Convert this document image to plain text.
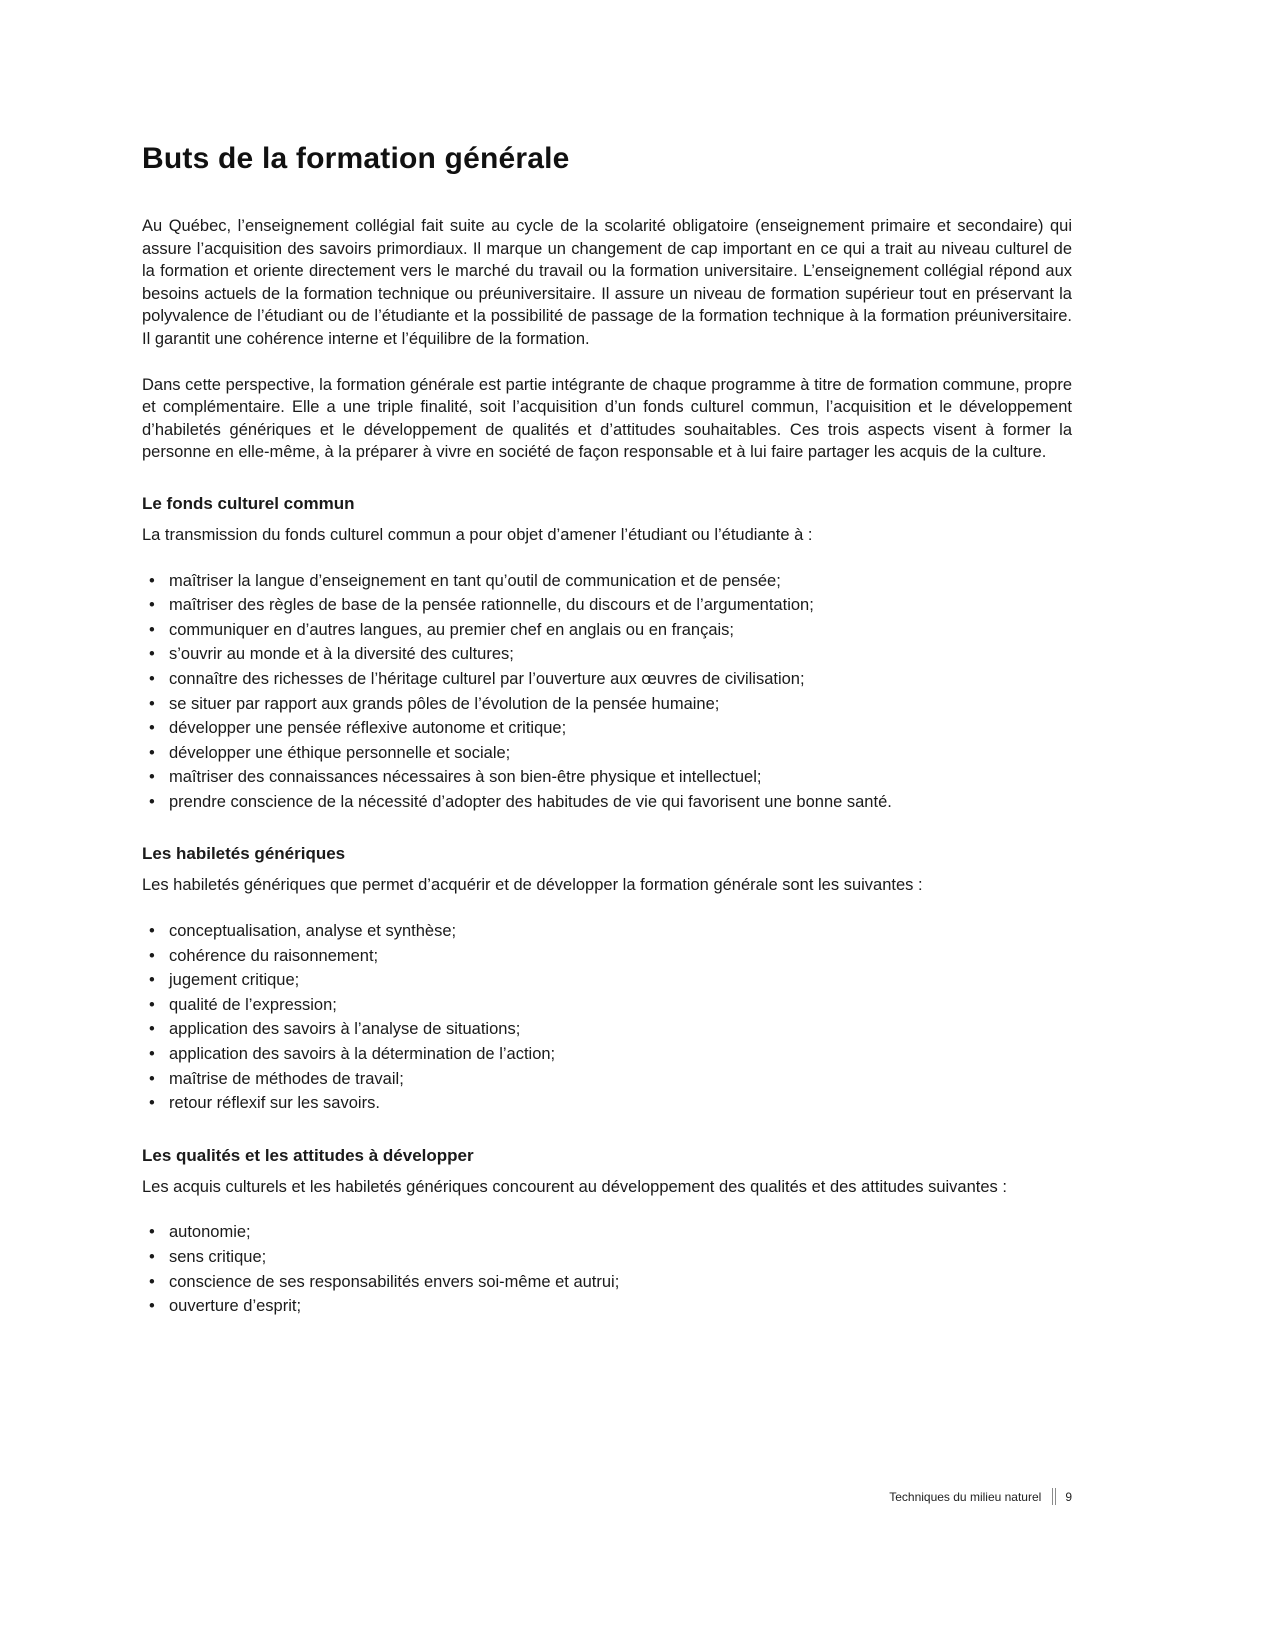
Buts de la formation générale

Au Québec, l’enseignement collégial fait suite au cycle de la scolarité obligatoire (enseignement primaire et secondaire) qui assure l’acquisition des savoirs primordiaux. Il marque un changement de cap important en ce qui a trait au niveau culturel de la formation et oriente directement vers le marché du travail ou la formation universitaire. L’enseignement collégial répond aux besoins actuels de la formation technique ou préuniversitaire. Il assure un niveau de formation supérieur tout en préservant la polyvalence de l’étudiant ou de l’étudiante et la possibilité de passage de la formation technique à la formation préuniversitaire. Il garantit une cohérence interne et l’équilibre de la formation.

Dans cette perspective, la formation générale est partie intégrante de chaque programme à titre de formation commune, propre et complémentaire. Elle a une triple finalité, soit l’acquisition d’un fonds culturel commun, l’acquisition et le développement d’habiletés génériques et le développement de qualités et d’attitudes souhaitables. Ces trois aspects visent à former la personne en elle-même, à la préparer à vivre en société de façon responsable et à lui faire partager les acquis de la culture.

Le fonds culturel commun

La transmission du fonds culturel commun a pour objet d’amener l’étudiant ou l’étudiante à :

• maîtriser la langue d’enseignement en tant qu’outil de communication et de pensée;
• maîtriser des règles de base de la pensée rationnelle, du discours et de l’argumentation;
• communiquer en d’autres langues, au premier chef en anglais ou en français;
• s’ouvrir au monde et à la diversité des cultures;
• connaître des richesses de l’héritage culturel par l’ouverture aux œuvres de civilisation;
• se situer par rapport aux grands pôles de l’évolution de la pensée humaine;
• développer une pensée réflexive autonome et critique;
• développer une éthique personnelle et sociale;
• maîtriser des connaissances nécessaires à son bien-être physique et intellectuel;
• prendre conscience de la nécessité d’adopter des habitudes de vie qui favorisent une bonne santé.
Les habiletés génériques

Les habiletés génériques que permet d’acquérir et de développer la formation générale sont les suivantes :

• conceptualisation, analyse et synthèse;
• cohérence du raisonnement;
• jugement critique;
• qualité de l’expression;
• application des savoirs à l’analyse de situations;
• application des savoirs à la détermination de l’action;
• maîtrise de méthodes de travail;
• retour réflexif sur les savoirs.
Les qualités et les attitudes à développer

Les acquis culturels et les habiletés génériques concourent au développement des qualités et des attitudes suivantes :

• autonomie;
• sens critique;
• conscience de ses responsabilités envers soi-même et autrui;
• ouverture d’esprit;
Techniques du milieu naturel 9
